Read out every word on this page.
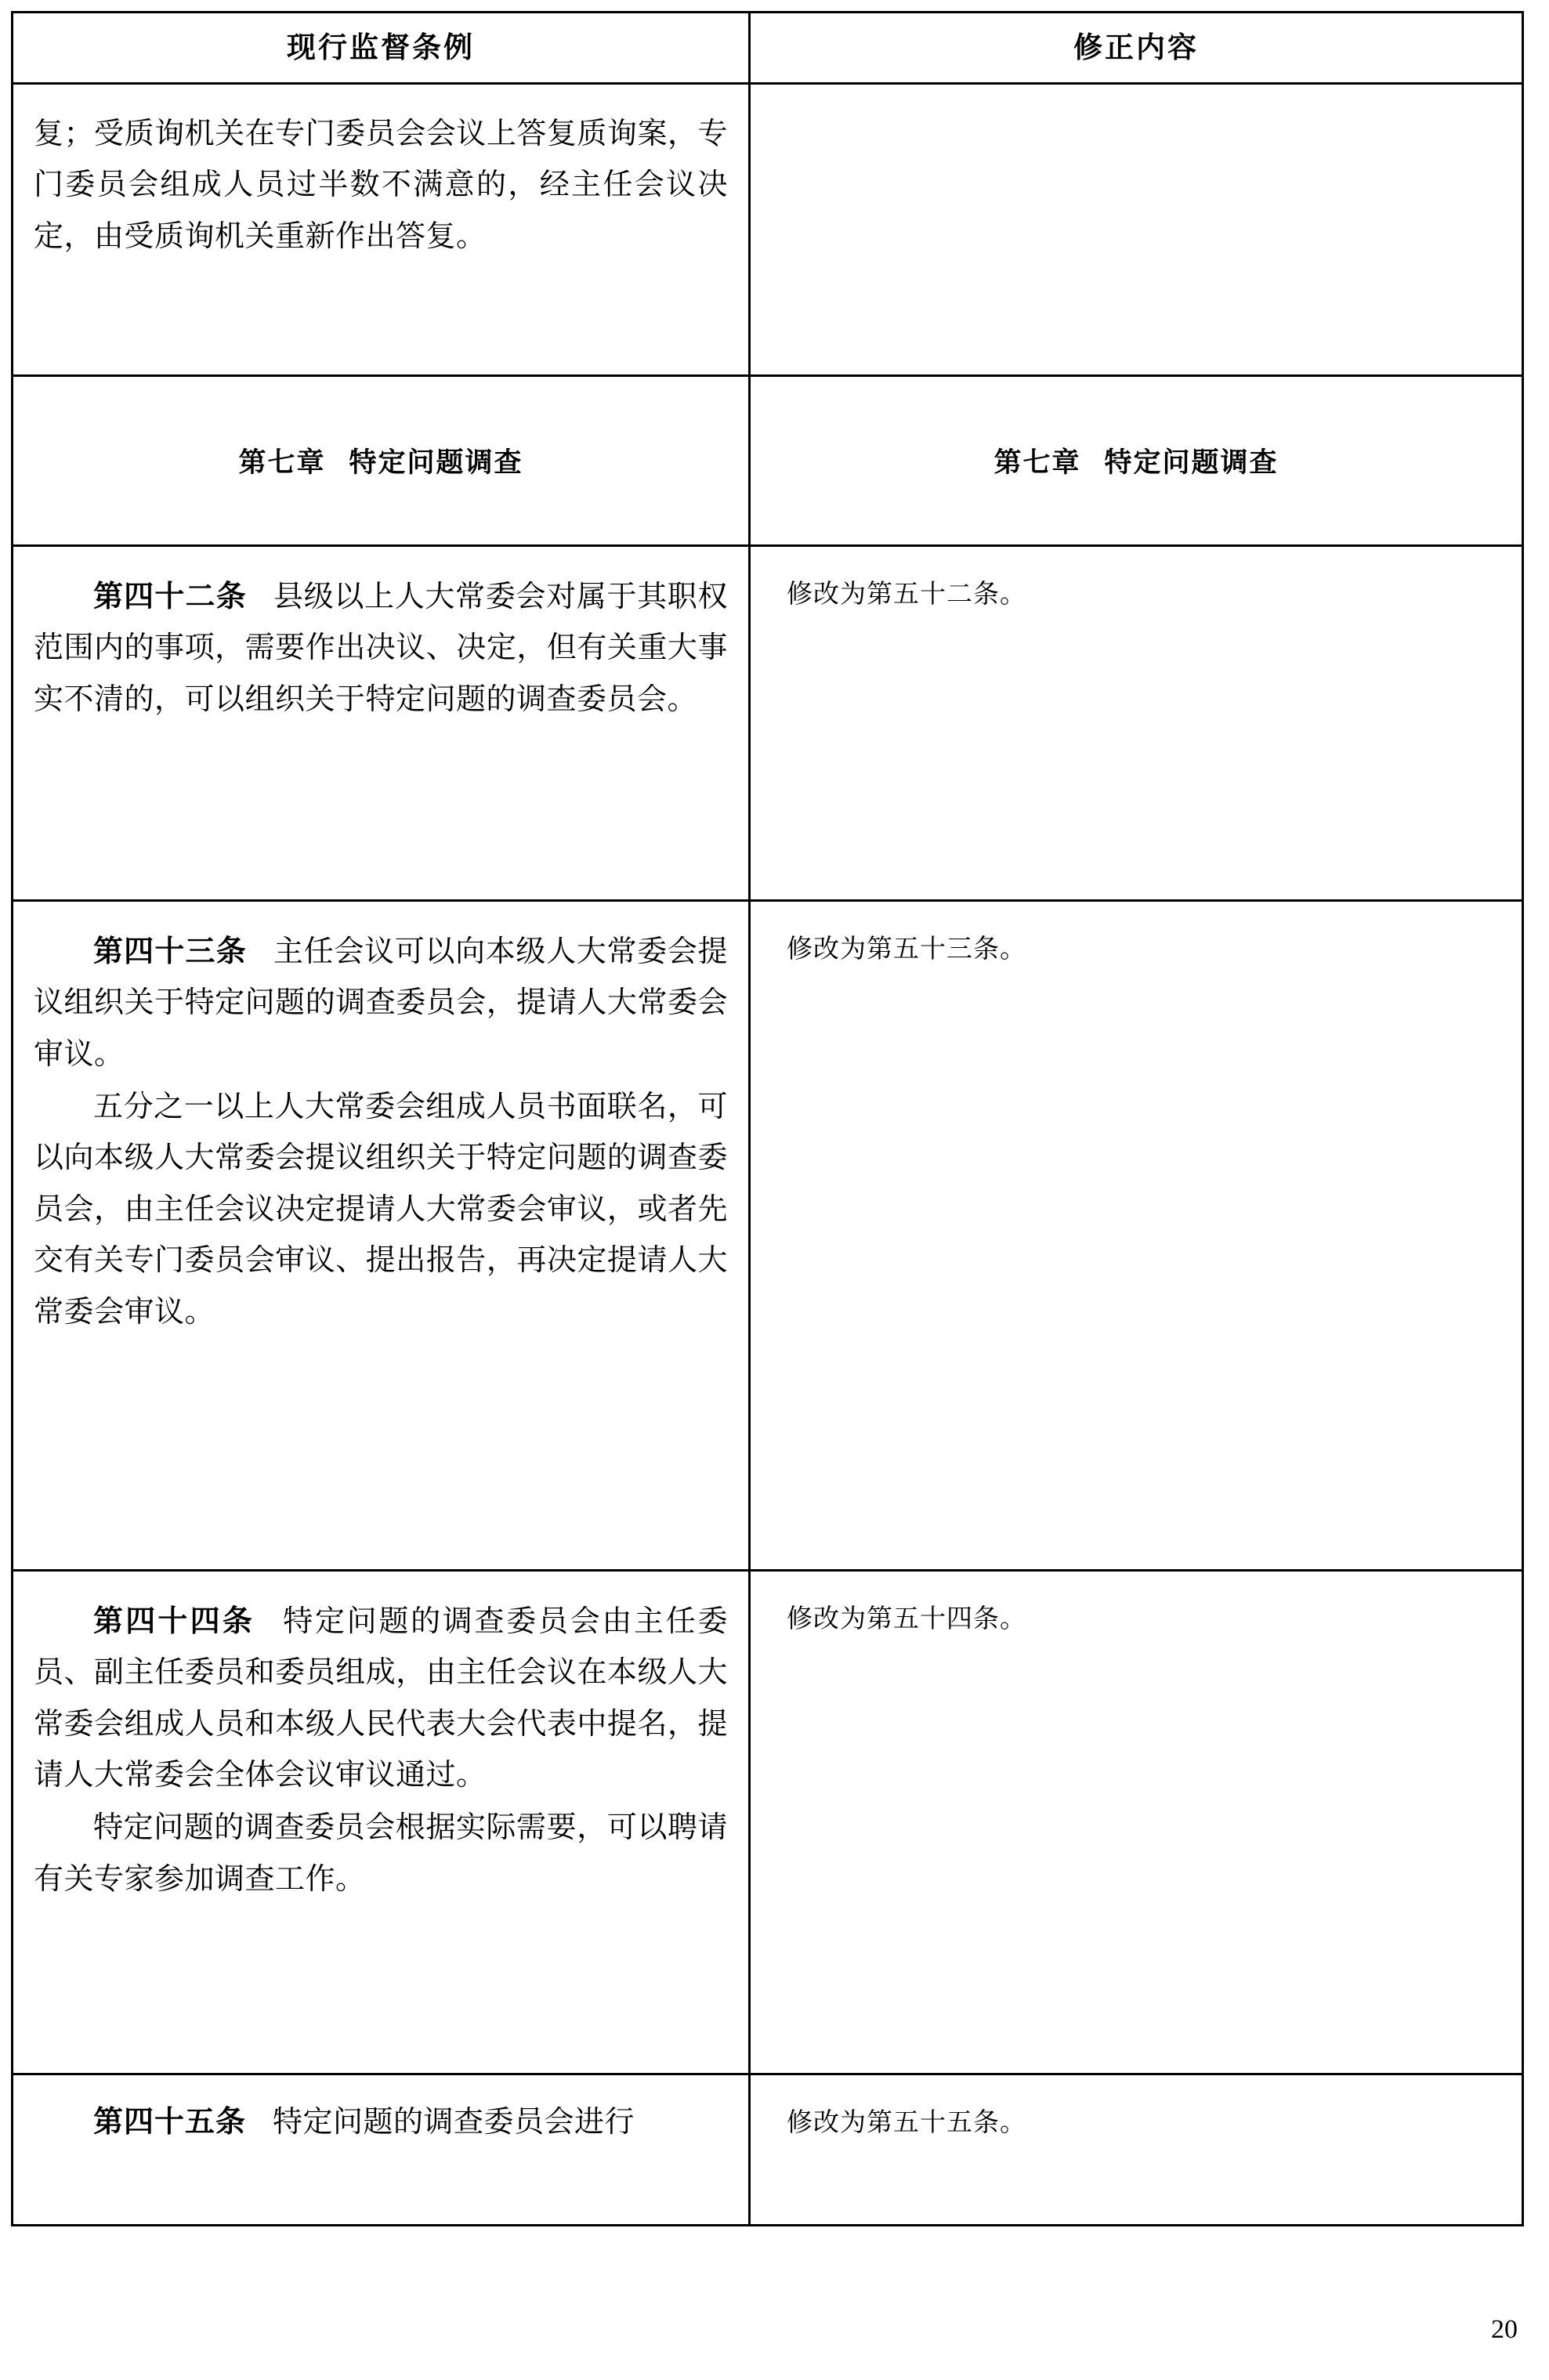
现行监督条例	修正内容

复；受质询机关在专门委员会会议上答复质询案，专门委员会组成人员过半数不满意的，经主任会议决定，由受质询机关重新作出答复。	

第七章 特定问题调查	第七章 特定问题调查

第四十二条 县级以上人大常委会对属于其职权范围内的事项，需要作出决议、决定，但有关重大事实不清的，可以组织关于特定问题的调查委员会。	修改为第五十二条。

第四十三条 主任会议可以向本级人大常委会提议组织关于特定问题的调查委员会，提请人大常委会审议。

五分之一以上人大常委会组成人员书面联名，可以向本级人大常委会提议组织关于特定问题的调查委员会，由主任会议决定提请人大常委会审议，或者先交有关专门委员会审议、提出报告，再决定提请人大常委会审议。	修改为第五十三条。

第四十四条 特定问题的调查委员会由主任委员、副主任委员和委员组成，由主任会议在本级人大常委会组成人员和本级人民代表大会代表中提名，提请人大常委会全体会议审议通过。

特定问题的调查委员会根据实际需要，可以聘请有关专家参加调查工作。	修改为第五十四条。

第四十五条 特定问题的调查委员会进行	修改为第五十五条。
20
